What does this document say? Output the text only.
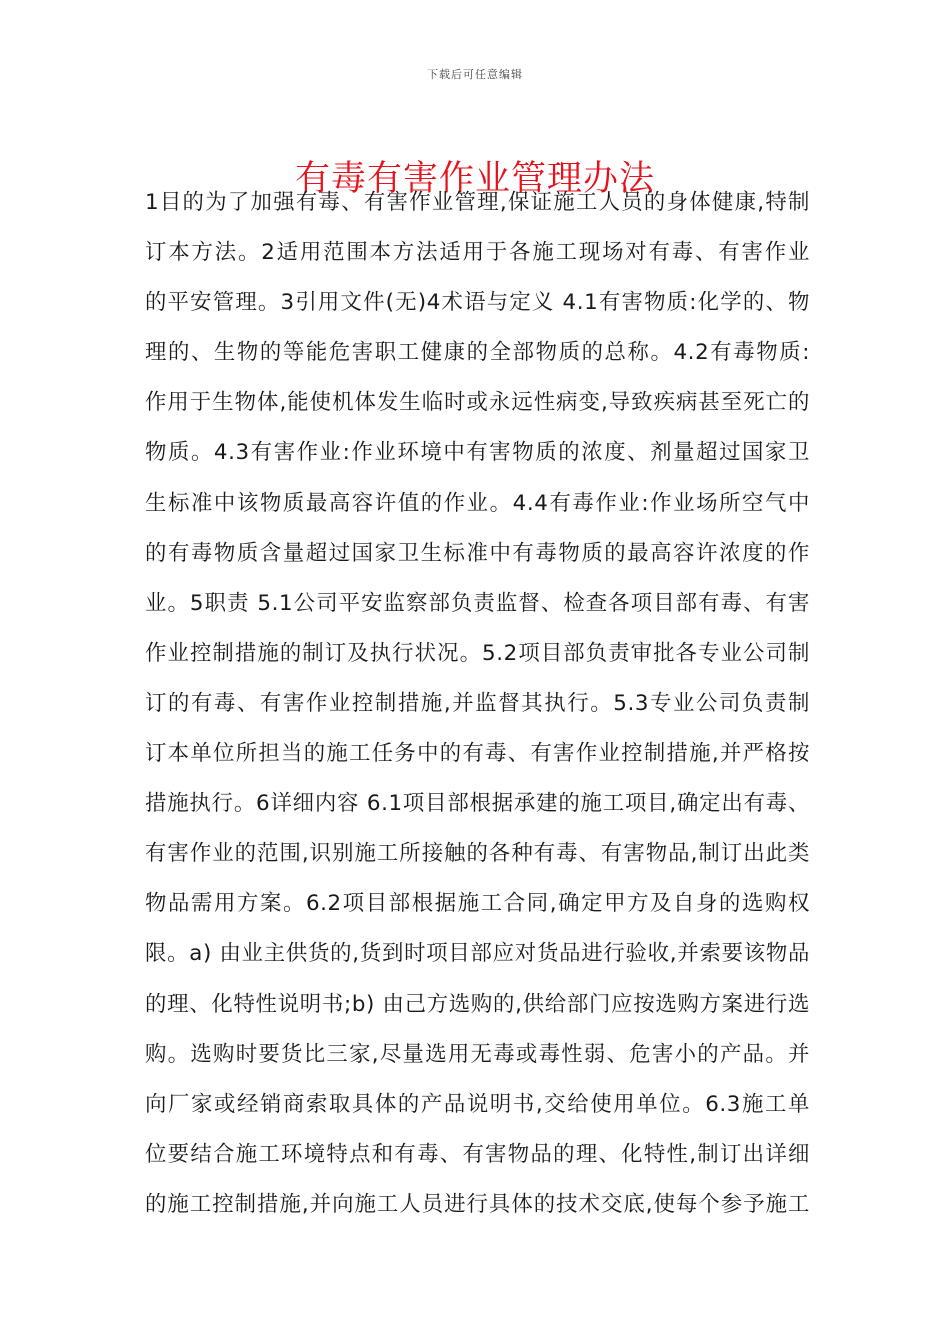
下载后可任意编辑
有毒有害作业管理办法
1目的为了加强有毒、有害作业管理,保证施工人员的身体健康,特制
订本方法。2适用范围本方法适用于各施工现场对有毒、有害作业
的平安管理。3引用文件(无)4术语与定义 4.1有害物质:化学的、物
理的、生物的等能危害职工健康的全部物质的总称。4.2有毒物质:
作用于生物体,能使机体发生临时或永远性病变,导致疾病甚至死亡的
物质。4.3有害作业:作业环境中有害物质的浓度、剂量超过国家卫
生标准中该物质最高容许值的作业。4.4有毒作业:作业场所空气中
的有毒物质含量超过国家卫生标准中有毒物质的最高容许浓度的作
业。5职责 5.1公司平安监察部负责监督、检查各项目部有毒、有害
作业控制措施的制订及执行状况。5.2项目部负责审批各专业公司制
订的有毒、有害作业控制措施,并监督其执行。5.3专业公司负责制
订本单位所担当的施工任务中的有毒、有害作业控制措施,并严格按
措施执行。6详细内容 6.1项目部根据承建的施工项目,确定出有毒、
有害作业的范围,识别施工所接触的各种有毒、有害物品,制订出此类
物品需用方案。6.2项目部根据施工合同,确定甲方及自身的选购权
限。a) 由业主供货的,货到时项目部应对货品进行验收,并索要该物品
的理、化特性说明书;b) 由己方选购的,供给部门应按选购方案进行选
购。选购时要货比三家,尽量选用无毒或毒性弱、危害小的产品。并
向厂家或经销商索取具体的产品说明书,交给使用单位。6.3施工单
位要结合施工环境特点和有毒、有害物品的理、化特性,制订出详细
的施工控制措施,并向施工人员进行具体的技术交底,使每个参予施工
